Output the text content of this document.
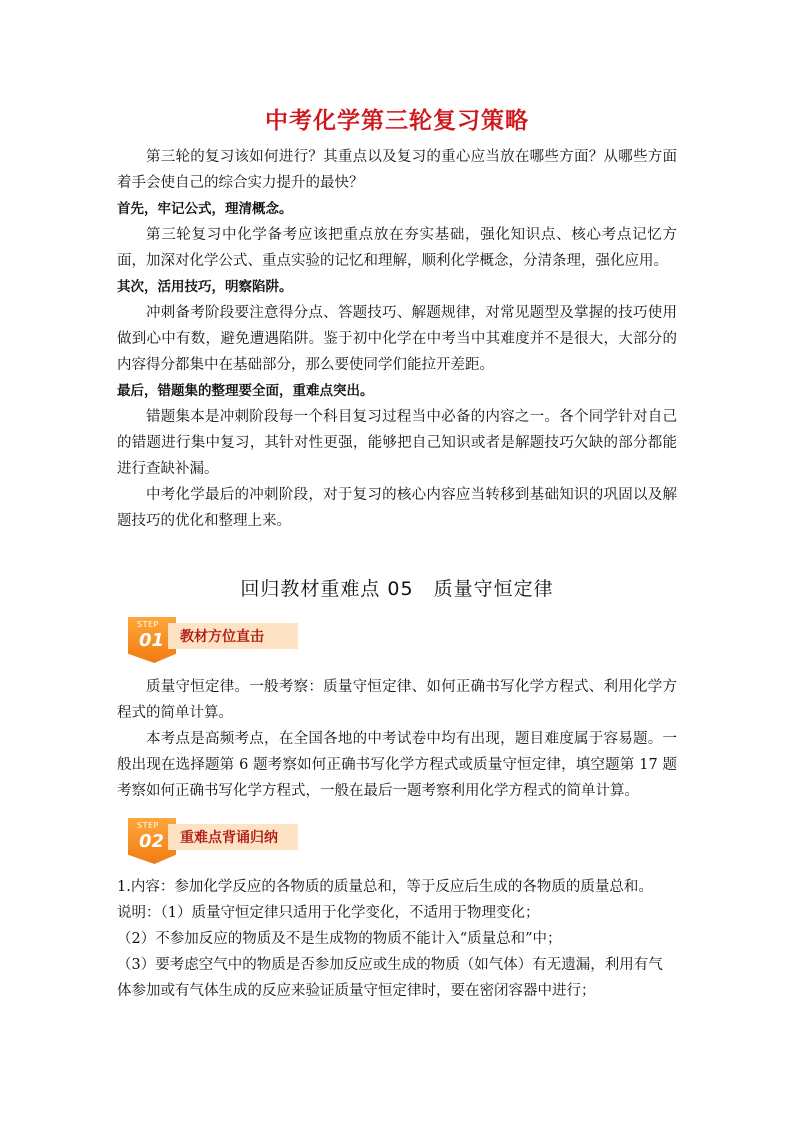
中考化学第三轮复习策略

第三轮的复习该如何进行？其重点以及复习的重心应当放在哪些方面？从哪些方面着手会使自己的综合实力提升的最快？

首先，牢记公式，理清概念。

第三轮复习中化学备考应该把重点放在夯实基础，强化知识点、核心考点记忆方面，加深对化学公式、重点实验的记忆和理解，顺利化学概念，分清条理，强化应用。

其次，活用技巧，明察陷阱。

冲刺备考阶段要注意得分点、答题技巧、解题规律，对常见题型及掌握的技巧使用做到心中有数，避免遭遇陷阱。鉴于初中化学在中考当中其难度并不是很大，大部分的内容得分都集中在基础部分，那么要使同学们能拉开差距。

最后，错题集的整理要全面，重难点突出。

错题集本是冲刺阶段每一个科目复习过程当中必备的内容之一。各个同学针对自己的错题进行集中复习，其针对性更强，能够把自己知识或者是解题技巧欠缺的部分都能进行查缺补漏。

中考化学最后的冲刺阶段，对于复习的核心内容应当转移到基础知识的巩固以及解题技巧的优化和整理上来。

回归教材重难点 05　质量守恒定律
STEP
01 教材方位直击

质量守恒定律。一般考察：质量守恒定律、如何正确书写化学方程式、利用化学方程式的简单计算。

本考点是高频考点，在全国各地的中考试卷中均有出现，题目难度属于容易题。一般出现在选择题第 6 题考察如何正确书写化学方程式或质量守恒定律，填空题第 17 题考察如何正确书写化学方程式，一般在最后一题考察利用化学方程式的简单计算。

STEP
02 重难点背诵归纳

1.内容：参加化学反应的各物质的质量总和，等于反应后生成的各物质的质量总和。

说明：（1）质量守恒定律只适用于化学变化，不适用于物理变化；

（2）不参加反应的物质及不是生成物的物质不能计入“质量总和”中；

（3）要考虑空气中的物质是否参加反应或生成的物质（如气体）有无遗漏，利用有气体参加或有气体生成的反应来验证质量守恒定律时，要在密闭容器中进行；
